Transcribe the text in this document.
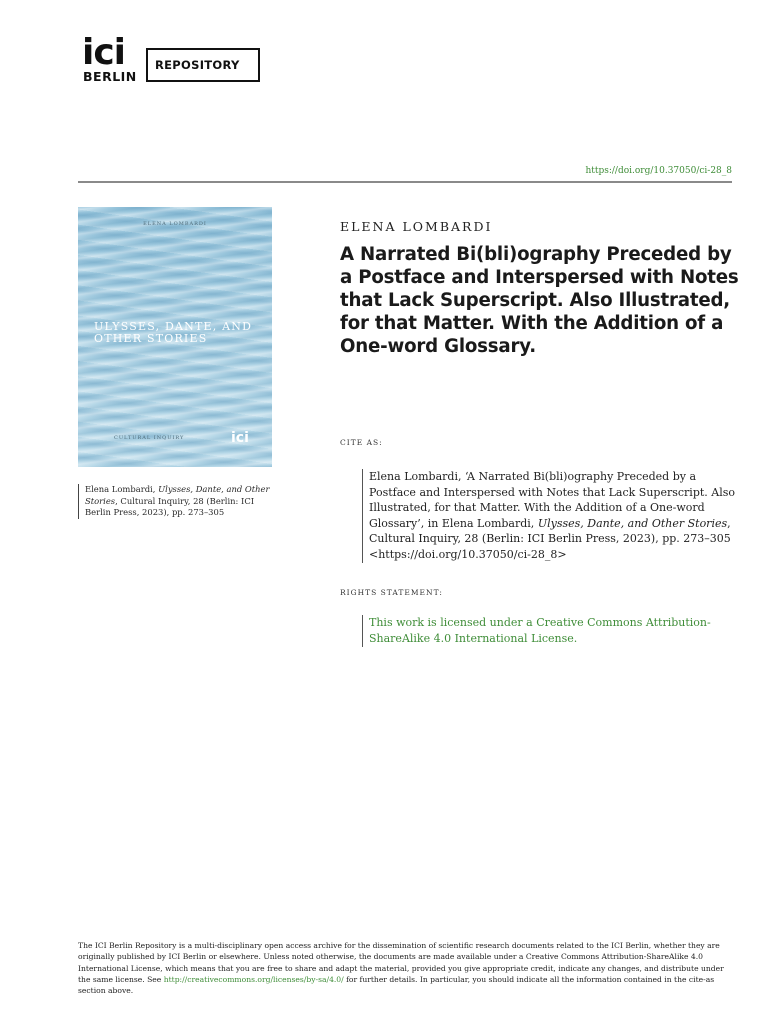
ici
BERLIN
REPOSITORY
https://doi.org/10.37050/ci-28_8
ELENA LOMBARDI
ULYSSES, DANTE, AND OTHER STORIES
CULTURAL INQUIRY	ici
Elena Lombardi, Ulysses, Dante, and Other Stories, Cultural Inquiry, 28 (Berlin: ICI Berlin Press, 2023), pp. 273–305
ELENA LOMBARDI
A Narrated Bi(bli)ography Preceded by a Postface and Interspersed with Notes that Lack Superscript. Also Illustrated, for that Matter. With the Addition of a One-word Glossary.
CITE AS:
Elena Lombardi, ‘A Narrated Bi(bli)ography Preceded by a Postface and Interspersed with Notes that Lack Superscript. Also Illustrated, for that Matter. With the Addition of a One-word Glossary’, in Elena Lombardi, Ulysses, Dante, and Other Stories, Cultural Inquiry, 28 (Berlin: ICI Berlin Press, 2023), pp. 273–305 <https://doi.org/10.37050/ci-28_8>
RIGHTS STATEMENT:
This work is licensed under a Creative Commons Attribution-ShareAlike 4.0 International License.
The ICI Berlin Repository is a multi-disciplinary open access archive for the dissemination of scientific research documents related to the ICI Berlin, whether they are originally published by ICI Berlin or elsewhere. Unless noted otherwise, the documents are made available under a Creative Commons Attribution-ShareAlike 4.0 International License, which means that you are free to share and adapt the material, provided you give appropriate credit, indicate any changes, and distribute under the same license. See http://creativecommons.org/licenses/by-sa/4.0/ for further details. In particular, you should indicate all the information contained in the cite-as section above.
